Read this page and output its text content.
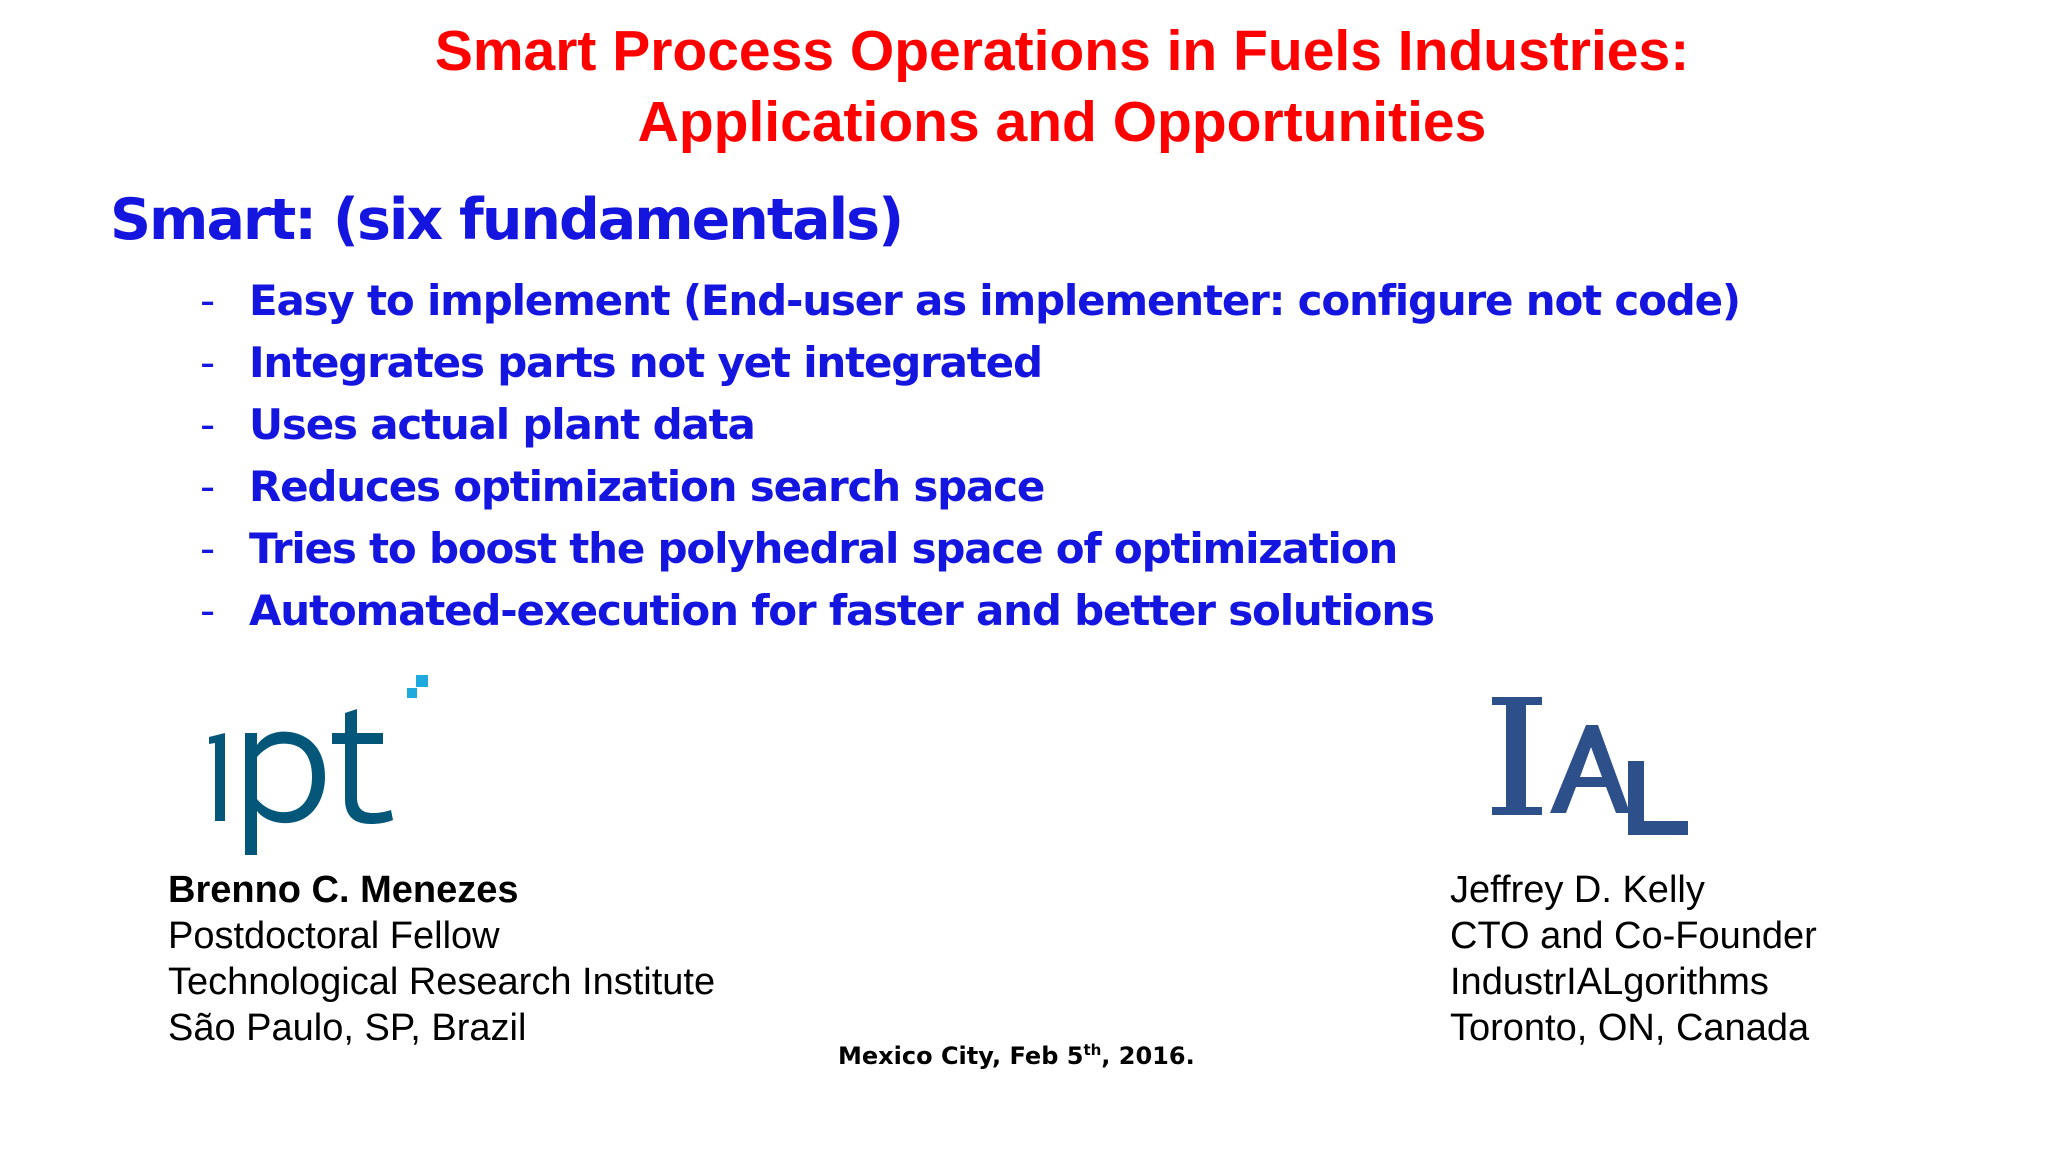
Smart Process Operations in Fuels Industries:
Applications and Opportunities
Smart: (six fundamentals)
- Easy to implement (End-user as implementer: configure not code)
- Integrates parts not yet integrated
- Uses actual plant data
- Reduces optimization search space
- Tries to boost the polyhedral space of optimization
- Automated-execution for faster and better solutions
Brenno C. Menezes
Postdoctoral Fellow
Technological Research Institute
São Paulo, SP, Brazil
Jeffrey D. Kelly
CTO and Co-Founder
IndustrIALgorithms
Toronto, ON, Canada
Mexico City, Feb 5th, 2016.
